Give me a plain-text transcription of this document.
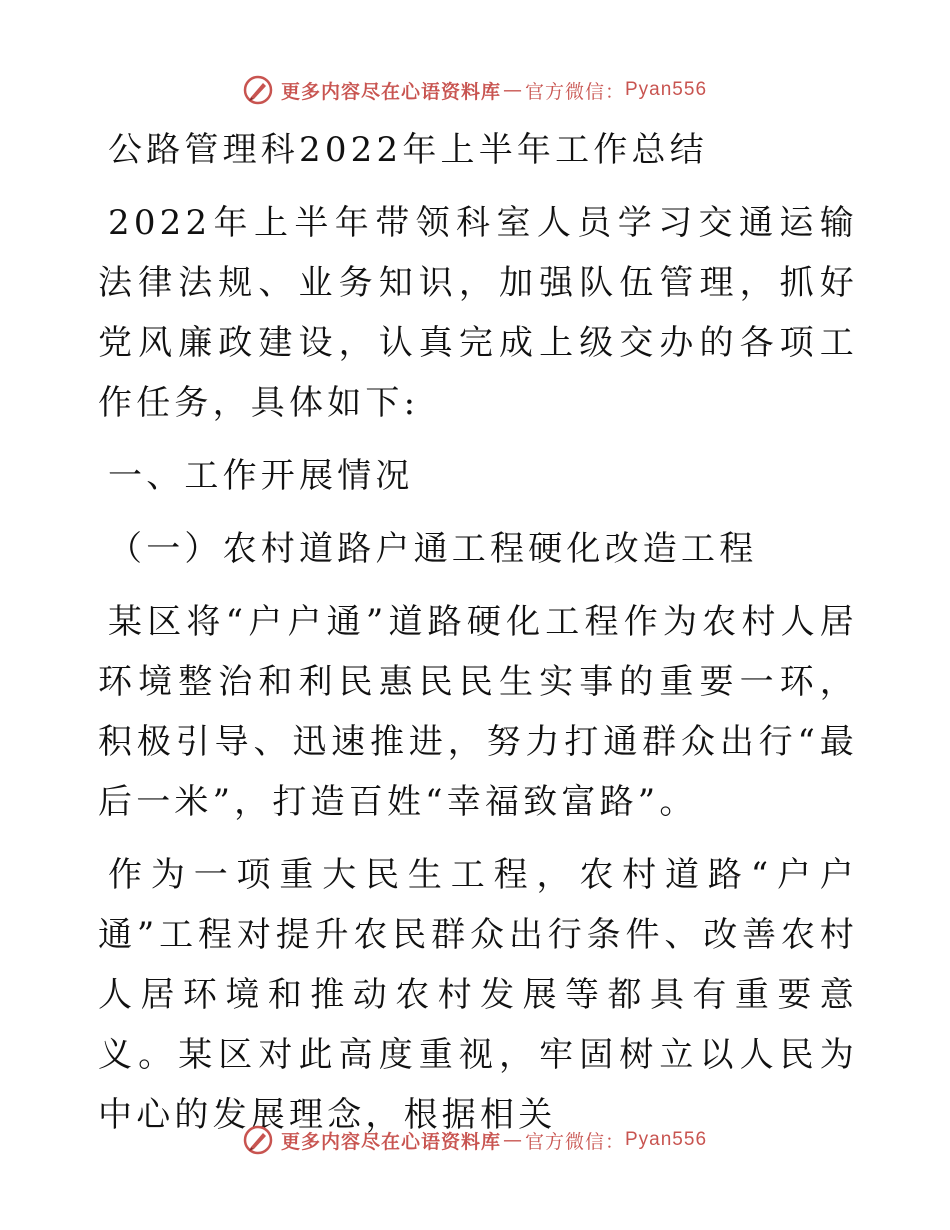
更多内容尽在心语资料库 — 官方微信： Pyan556

公路管理科2022年上半年工作总结

2022年上半年带领科室人员学习交通运输法律法规、业务知识，加强队伍管理，抓好党风廉政建设，认真完成上级交办的各项工作任务，具体如下:

一、工作开展情况

（一）农村道路户通工程硬化改造工程

某区将“户户通”道路硬化工程作为农村人居环境整治和利民惠民民生实事的重要一环，积极引导、迅速推进，努力打通群众出行“最后一米”，打造百姓“幸福致富路”。

作为一项重大民生工程，农村道路“户户通”工程对提升农民群众出行条件、改善农村人居环境和推动农村发展等都具有重要意义。某区对此高度重视，牢固树立以人民为中心的发展理念，根据相关

更多内容尽在心语资料库 — 官方微信： Pyan556
